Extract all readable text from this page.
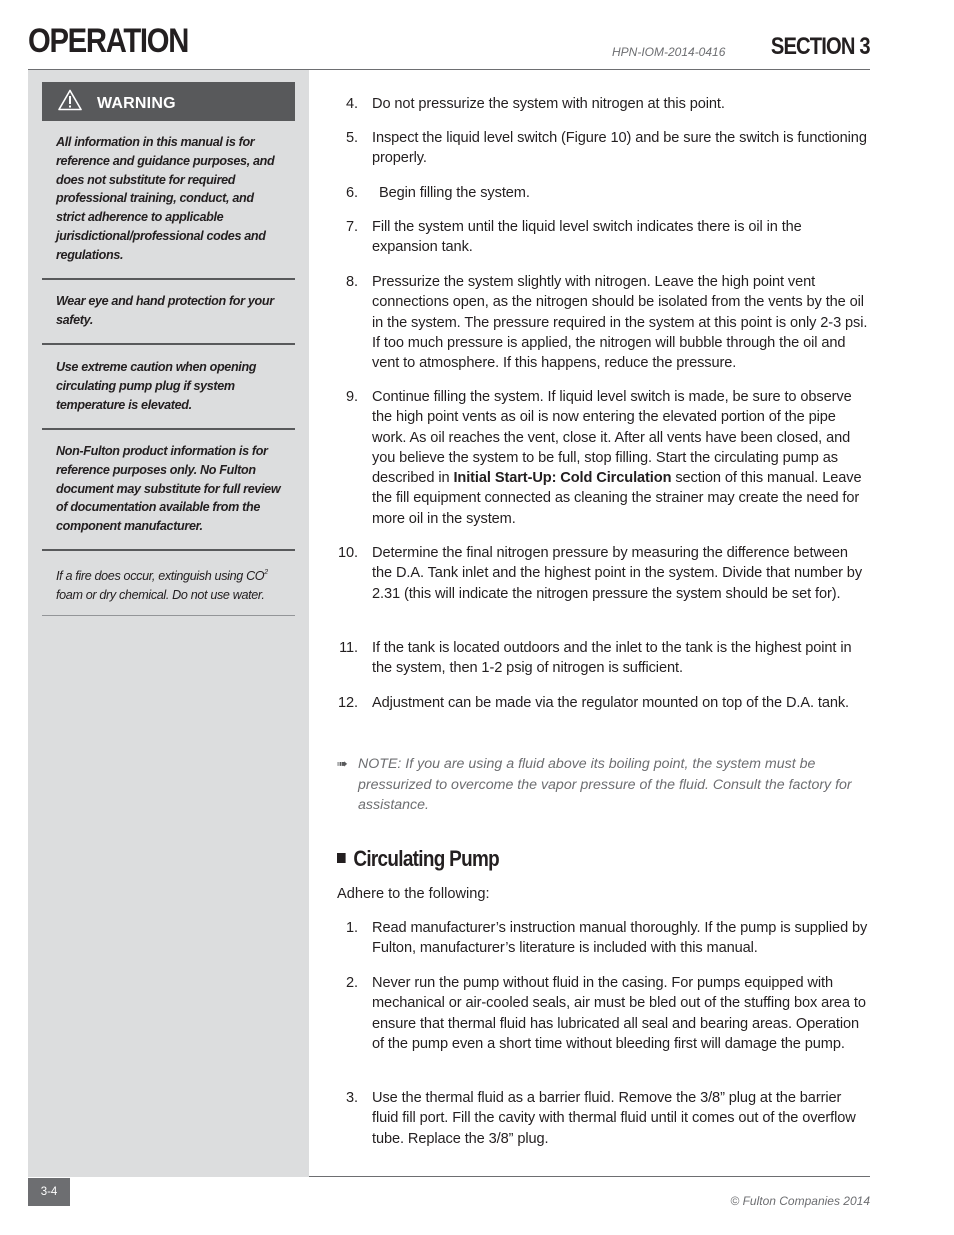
OPERATION	HPN-IOM-2014-0416 SECTION 3
WARNING
All information in this manual is for reference and guidance purposes, and does not substitute for required professional training, conduct, and strict adherence to applicable jurisdictional/professional codes and regulations.
Wear eye and hand protection for your safety.
Use extreme caution when opening circulating pump plug if system temperature is elevated.
Non-Fulton product information is for reference purposes only. No Fulton document may substitute for full review of documentation available from the component manufacturer.
If a fire does occur, extinguish using $CO^2$ foam or dry chemical. Do not use water.
4. Do not pressurize the system with nitrogen at this point.
5. Inspect the liquid level switch (Figure 10) and be sure the switch is functioning properly.
6. Begin filling the system.
7. Fill the system until the liquid level switch indicates there is oil in the expansion tank.
8. Pressurize the system slightly with nitrogen. Leave the high point vent connections open, as the nitrogen should be isolated from the vents by the oil in the system. The pressure required in the system at this point is only 2-3 psi. If too much pressure is applied, the nitrogen will bubble through the oil and vent to atmosphere. If this happens, reduce the pressure.
9. Continue filling the system. If liquid level switch is made, be sure to observe the high point vents as oil is now entering the elevated portion of the pipe work. As oil reaches the vent, close it. After all vents have been closed, and you believe the system to be full, stop filling. Start the circulating pump as described in Initial Start-Up: Cold Circulation section of this manual. Leave the fill equipment connected as cleaning the strainer may create the need for more oil in the system.
10. Determine the final nitrogen pressure by measuring the difference between the D.A. Tank inlet and the highest point in the system. Divide that number by 2.31 (this will indicate the nitrogen pressure the system should be set for).
11. If the tank is located outdoors and the inlet to the tank is the highest point in the system, then 1-2 psig of nitrogen is sufficient.
12. Adjustment can be made via the regulator mounted on top of the D.A. tank.
➠ NOTE: If you are using a fluid above its boiling point, the system must be pressurized to overcome the vapor pressure of the fluid. Consult the factory for assistance.
Circulating Pump
Adhere to the following:
1. Read manufacturer’s instruction manual thoroughly. If the pump is supplied by Fulton, manufacturer’s literature is included with this manual.
2. Never run the pump without fluid in the casing. For pumps equipped with mechanical or air-cooled seals, air must be bled out of the stuffing box area to ensure that thermal fluid has lubricated all seal and bearing areas. Operation of the pump even a short time without bleeding first will damage the pump.
3. Use the thermal fluid as a barrier fluid. Remove the 3/8” plug at the barrier fluid fill port. Fill the cavity with thermal fluid until it comes out of the overflow tube. Replace the 3/8” plug.
3-4
© Fulton Companies 2014
